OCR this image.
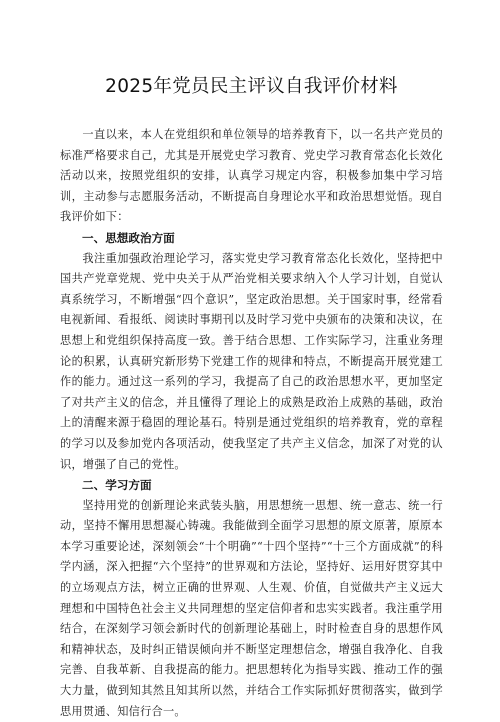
2025年党员民主评议自我评价材料

一直以来，本人在党组织和单位领导的培养教育下，以一名共产党员的标准严格要求自己，尤其是开展党史学习教育、党史学习教育常态化长效化活动以来，按照党组织的安排，认真学习规定内容，积极参加集中学习培训，主动参与志愿服务活动，不断提高自身理论水平和政治思想觉悟。现自我评价如下：

一、思想政治方面

我注重加强政治理论学习，落实党史学习教育常态化长效化，坚持把中国共产党章党规、党中央关于从严治党相关要求纳入个人学习计划，自觉认真系统学习，不断增强“四个意识”，坚定政治思想。关于国家时事，经常看电视新闻、看报纸、阅读时事期刊以及时学习党中央颁布的决策和决议，在思想上和党组织保持高度一致。善于结合思想、工作实际学习，注重业务理论的积累，认真研究新形势下党建工作的规律和特点，不断提高开展党建工作的能力。通过这一系列的学习，我提高了自己的政治思想水平，更加坚定了对共产主义的信念，并且懂得了理论上的成熟是政治上成熟的基础，政治上的清醒来源于稳固的理论基石。特别是通过党组织的培养教育，党的章程的学习以及参加党内各项活动，使我坚定了共产主义信念，加深了对党的认识，增强了自己的党性。

二、学习方面

坚持用党的创新理论来武装头脑，用思想统一思想、统一意志、统一行动，坚持不懈用思想凝心铸魂。我能做到全面学习思想的原文原著，原原本本学习重要论述，深刻领会“十个明确”“十四个坚持”“十三个方面成就”的科学内涵，深入把握“六个坚持”的世界观和方法论，坚持好、运用好贯穿其中的立场观点方法，树立正确的世界观、人生观、价值，自觉做共产主义远大理想和中国特色社会主义共同理想的坚定信仰者和忠实实践者。我注重学用结合，在深刻学习领会新时代的创新理论基础上，时时检查自身的思想作风和精神状态，及时纠正错误倾向并不断坚定理想信念，增强自我净化、自我完善、自我革新、自我提高的能力。把思想转化为指导实践、推动工作的强大力量，做到知其然且知其所以然，并结合工作实际抓好贯彻落实，做到学思用贯通、知信行合一。
